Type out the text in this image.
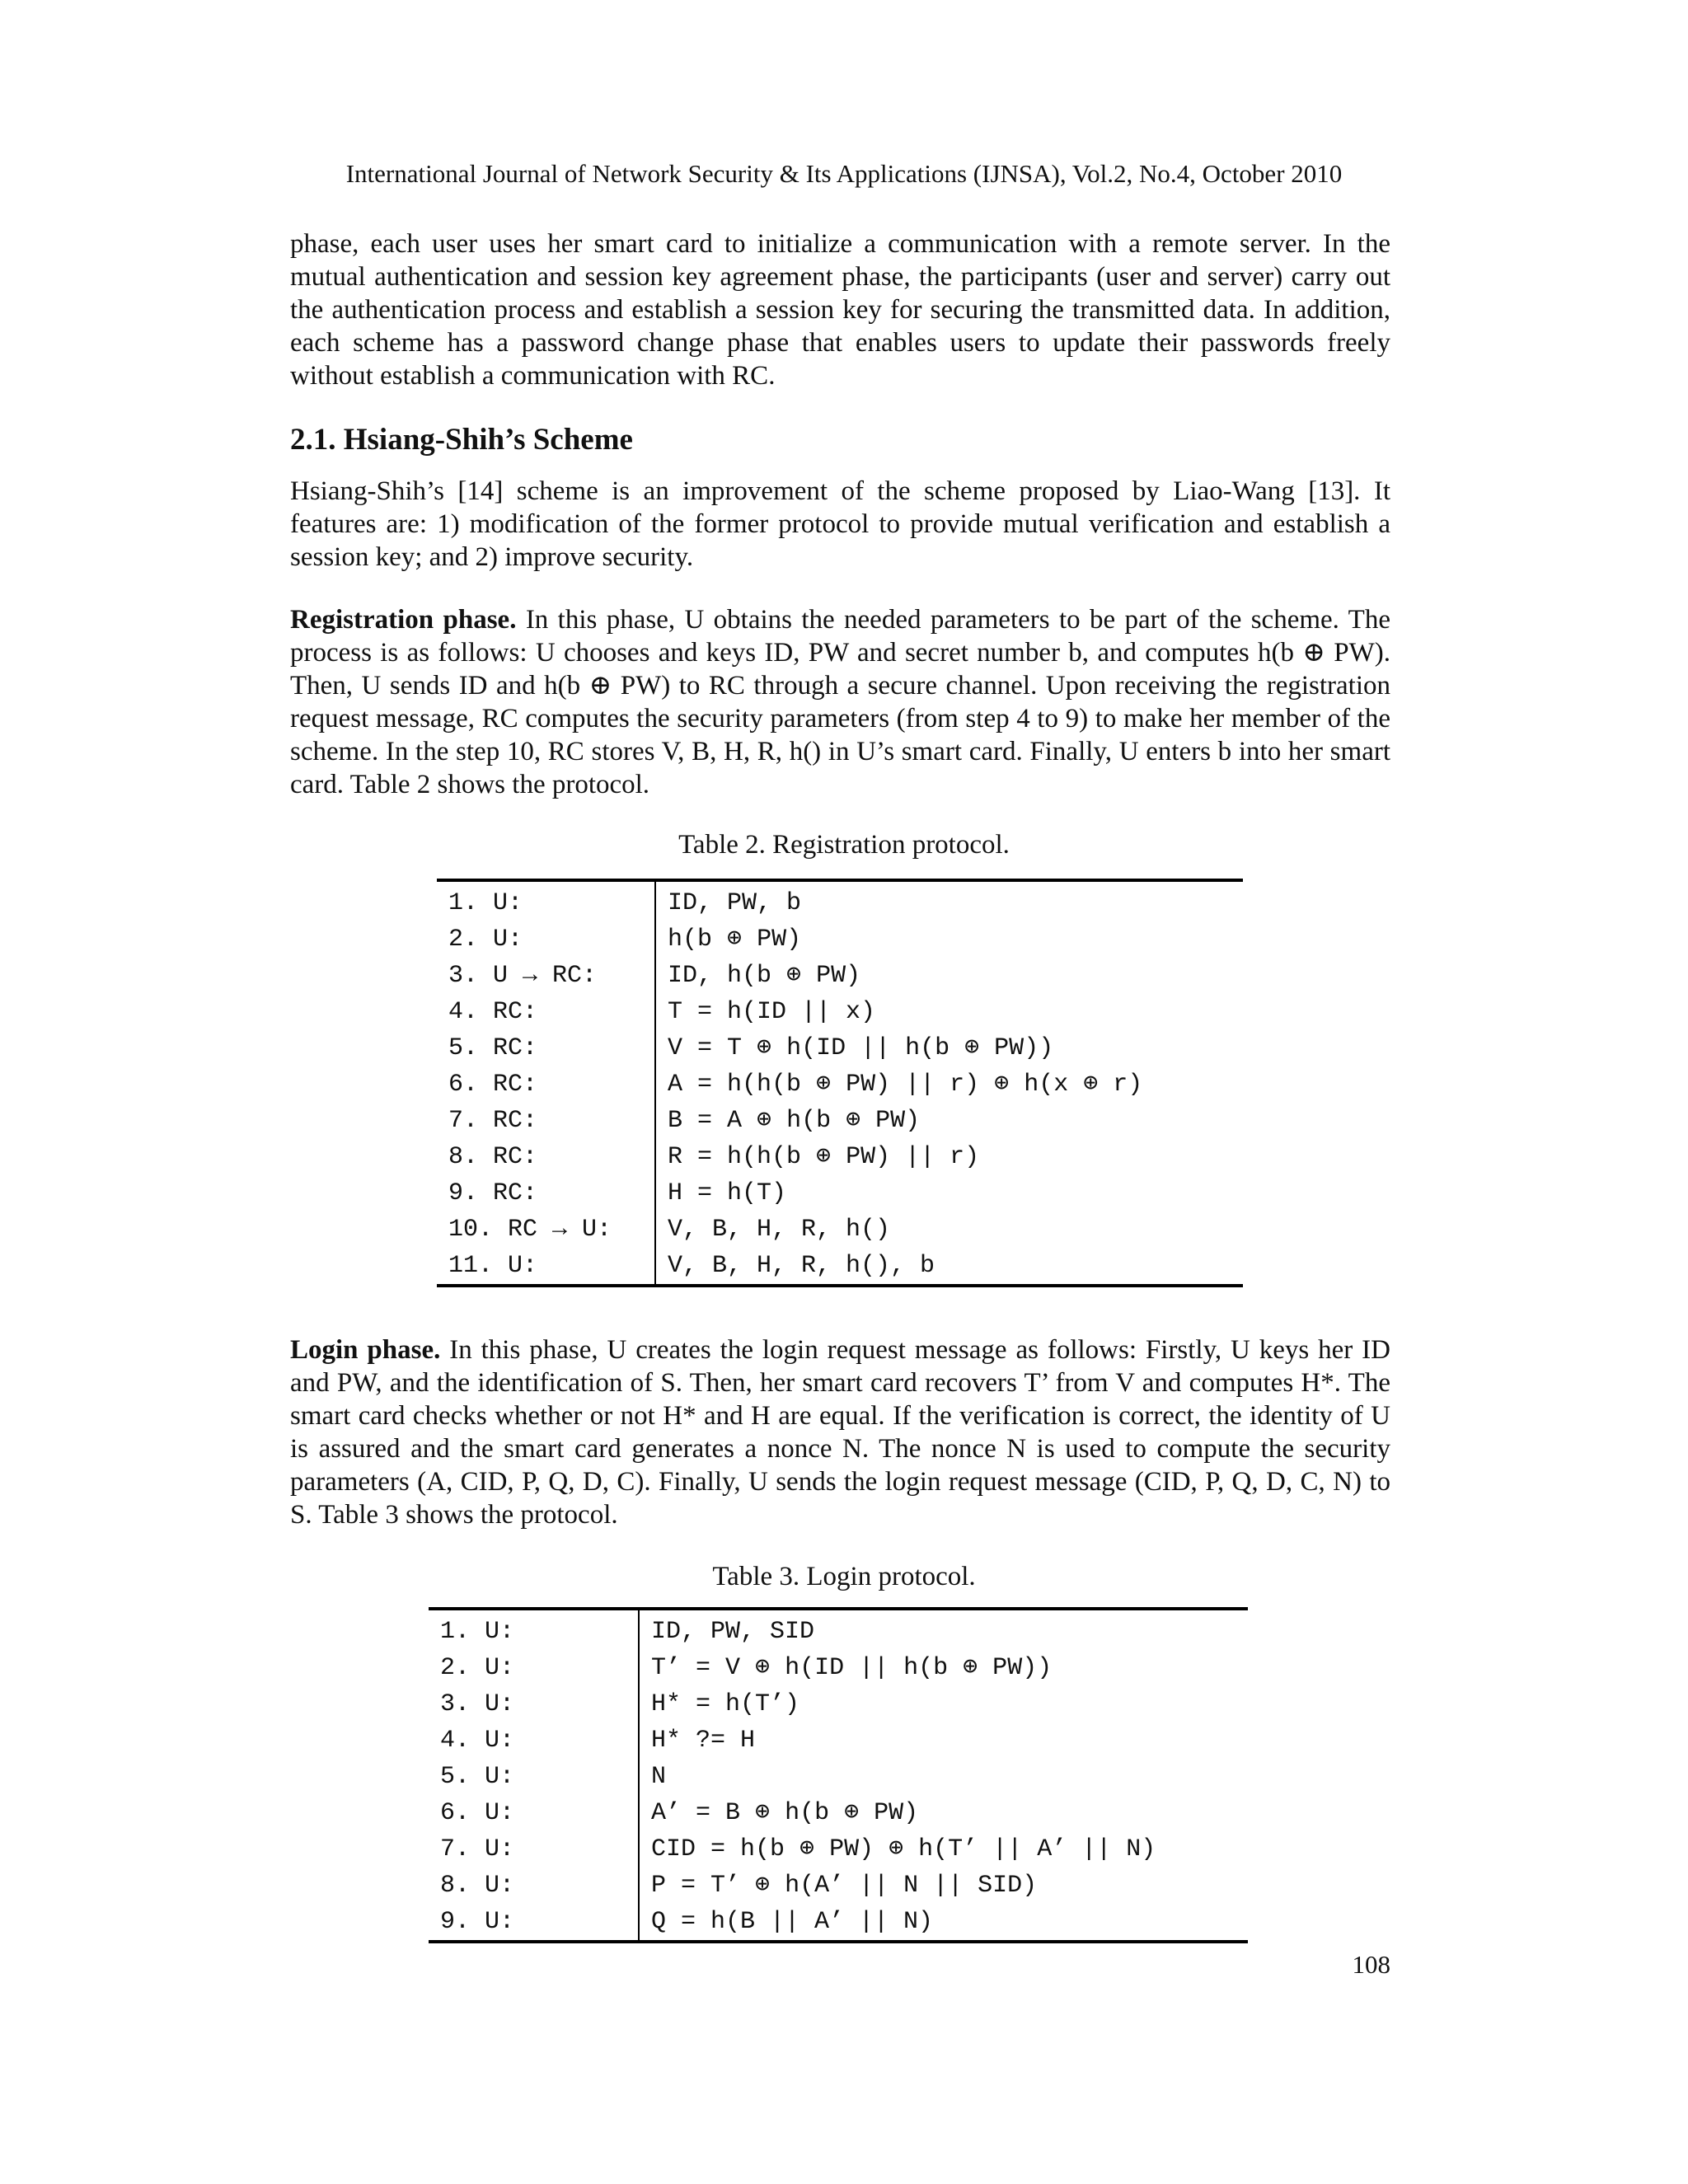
International Journal of Network Security & Its Applications (IJNSA), Vol.2, No.4, October 2010

phase, each user uses her smart card to initialize a communication with a remote server. In the mutual authentication and session key agreement phase, the participants (user and server) carry out the authentication process and establish a session key for securing the transmitted data. In addition, each scheme has a password change phase that enables users to update their passwords freely without establish a communication with RC.

2.1. Hsiang-Shih’s Scheme

Hsiang-Shih’s [14] scheme is an improvement of the scheme proposed by Liao-Wang [13]. It features are: 1) modification of the former protocol to provide mutual verification and establish a session key; and 2) improve security.

Registration phase. In this phase, U obtains the needed parameters to be part of the scheme. The process is as follows: U chooses and keys ID, PW and secret number b, and computes h(b ⊕ PW). Then, U sends ID and h(b ⊕ PW) to RC through a secure channel. Upon receiving the registration request message, RC computes the security parameters (from step 4 to 9) to make her member of the scheme. In the step 10, RC stores V, B, H, R, h() in U’s smart card. Finally, U enters b into her smart card. Table 2 shows the protocol.

Table 2. Registration protocol.
1. U:	ID, PW, b
2. U:	h(b ⊕ PW)
3. U → RC:	ID, h(b ⊕ PW)
4. RC:	T = h(ID || x)
5. RC:	V = T ⊕ h(ID || h(b ⊕ PW))
6. RC:	A = h(h(b ⊕ PW) || r) ⊕ h(x ⊕ r)
7. RC:	B = A ⊕ h(b ⊕ PW)
8. RC:	R = h(h(b ⊕ PW) || r)
9. RC:	H = h(T)
10. RC → U:	V, B, H, R, h()
11. U:	V, B, H, R, h(), b

Login phase. In this phase, U creates the login request message as follows: Firstly, U keys her ID and PW, and the identification of S. Then, her smart card recovers T’ from V and computes H*. The smart card checks whether or not H* and H are equal. If the verification is correct, the identity of U is assured and the smart card generates a nonce N. The nonce N is used to compute the security parameters (A, CID, P, Q, D, C). Finally, U sends the login request message (CID, P, Q, D, C, N) to S. Table 3 shows the protocol.

Table 3. Login protocol.
1. U:	ID, PW, SID
2. U:	T’ = V ⊕ h(ID || h(b ⊕ PW))
3. U:	H* = h(T’)
4. U:	H* ?= H
5. U:	N
6. U:	A’ = B ⊕ h(b ⊕ PW)
7. U:	CID = h(b ⊕ PW) ⊕ h(T’ || A’ || N)
8. U:	P = T’ ⊕ h(A’ || N || SID)
9. U:	Q = h(B || A’ || N)
108
